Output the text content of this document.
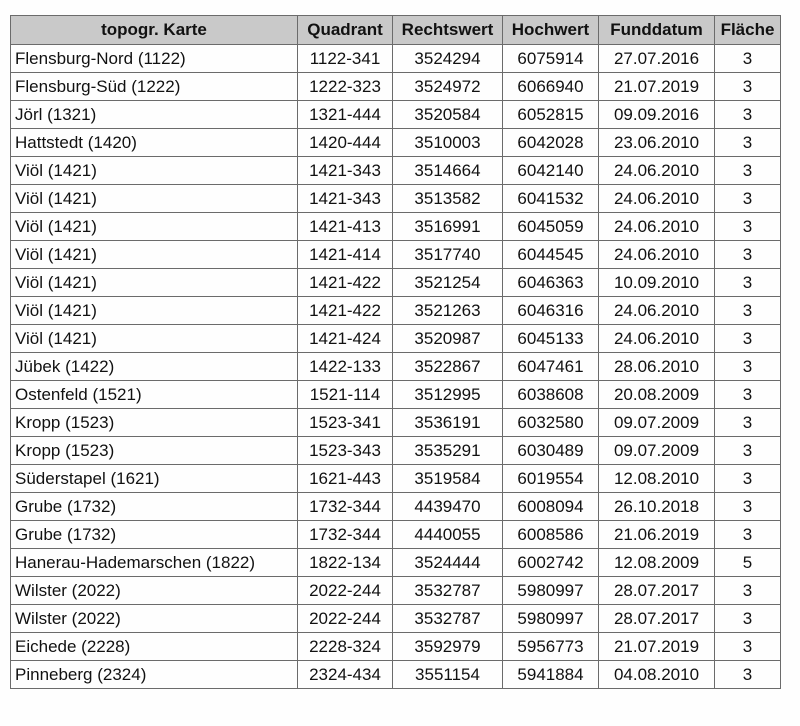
topogr. Karte	Quadrant	Rechtswert	Hochwert	Funddatum	Fläche
Flensburg-Nord (1122)	1122-341	3524294	6075914	27.07.2016	3
Flensburg-Süd (1222)	1222-323	3524972	6066940	21.07.2019	3
Jörl (1321)	1321-444	3520584	6052815	09.09.2016	3
Hattstedt (1420)	1420-444	3510003	6042028	23.06.2010	3
Viöl (1421)	1421-343	3514664	6042140	24.06.2010	3
Viöl (1421)	1421-343	3513582	6041532	24.06.2010	3
Viöl (1421)	1421-413	3516991	6045059	24.06.2010	3
Viöl (1421)	1421-414	3517740	6044545	24.06.2010	3
Viöl (1421)	1421-422	3521254	6046363	10.09.2010	3
Viöl (1421)	1421-422	3521263	6046316	24.06.2010	3
Viöl (1421)	1421-424	3520987	6045133	24.06.2010	3
Jübek (1422)	1422-133	3522867	6047461	28.06.2010	3
Ostenfeld (1521)	1521-114	3512995	6038608	20.08.2009	3
Kropp (1523)	1523-341	3536191	6032580	09.07.2009	3
Kropp (1523)	1523-343	3535291	6030489	09.07.2009	3
Süderstapel (1621)	1621-443	3519584	6019554	12.08.2010	3
Grube (1732)	1732-344	4439470	6008094	26.10.2018	3
Grube (1732)	1732-344	4440055	6008586	21.06.2019	3
Hanerau-Hademarschen (1822)	1822-134	3524444	6002742	12.08.2009	5
Wilster (2022)	2022-244	3532787	5980997	28.07.2017	3
Wilster (2022)	2022-244	3532787	5980997	28.07.2017	3
Eichede (2228)	2228-324	3592979	5956773	21.07.2019	3
Pinneberg (2324)	2324-434	3551154	5941884	04.08.2010	3
